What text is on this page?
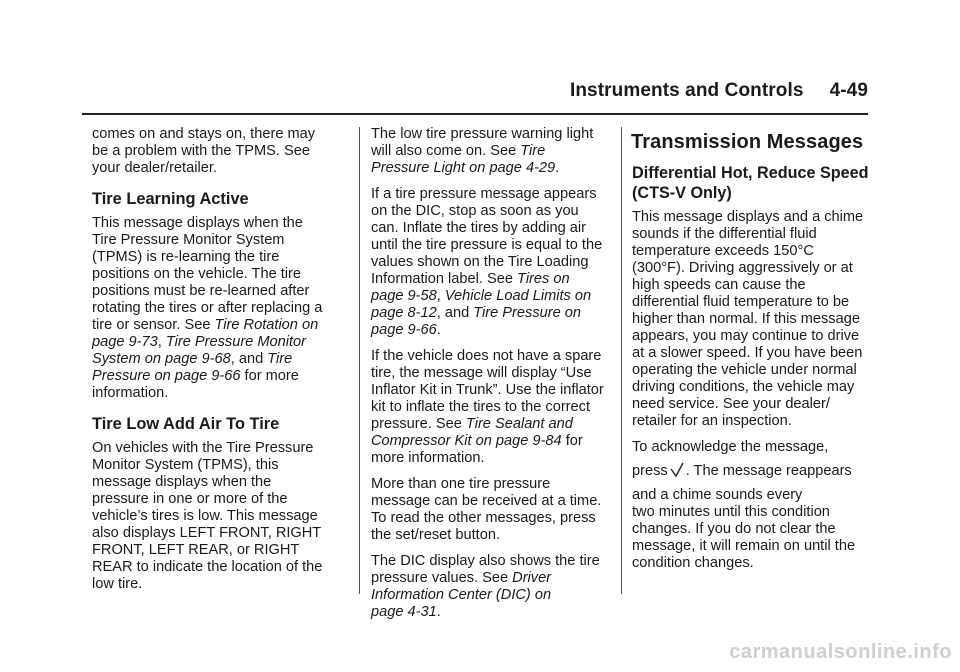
Instruments and Controls 4-49

comes on and stays on, there may
be a problem with the TPMS. See
your dealer/retailer.

Tire Learning Active

This message displays when the
Tire Pressure Monitor System
(TPMS) is re-learning the tire
positions on the vehicle. The tire
positions must be re-learned after
rotating the tires or after replacing a
tire or sensor. See Tire Rotation on
page 9‑73, Tire Pressure Monitor
System on page 9‑68, and Tire
Pressure on page 9‑66 for more
information.

Tire Low Add Air To Tire

On vehicles with the Tire Pressure
Monitor System (TPMS), this
message displays when the
pressure in one or more of the
vehicle’s tires is low. This message
also displays LEFT FRONT, RIGHT
FRONT, LEFT REAR, or RIGHT
REAR to indicate the location of the
low tire.

The low tire pressure warning light
will also come on. See Tire
Pressure Light on page 4‑29.

If a tire pressure message appears
on the DIC, stop as soon as you
can. Inflate the tires by adding air
until the tire pressure is equal to the
values shown on the Tire Loading
Information label. See Tires on
page 9‑58, Vehicle Load Limits on
page 8‑12, and Tire Pressure on
page 9‑66.

If the vehicle does not have a spare
tire, the message will display “Use
Inflator Kit in Trunk”. Use the inflator
kit to inflate the tires to the correct
pressure. See Tire Sealant and
Compressor Kit on page 9‑84 for
more information.

More than one tire pressure
message can be received at a time.
To read the other messages, press
the set/reset button.

The DIC display also shows the tire
pressure values. See Driver
Information Center (DIC) on
page 4‑31.

Transmission Messages
Differential Hot, Reduce Speed
(CTS-V Only)

This message displays and a chime
sounds if the differential fluid
temperature exceeds 150°C
(300°F). Driving aggressively or at
high speeds can cause the
differential fluid temperature to be
higher than normal. If this message
appears, you may continue to drive
at a slower speed. If you have been
operating the vehicle under normal
driving conditions, the vehicle may
need service. See your dealer/
retailer for an inspection.

To acknowledge the message,
press . The message reappears
and a chime sounds every
two minutes until this condition
changes. If you do not clear the
message, it will remain on until the
condition changes.

carmanualsonline.info
